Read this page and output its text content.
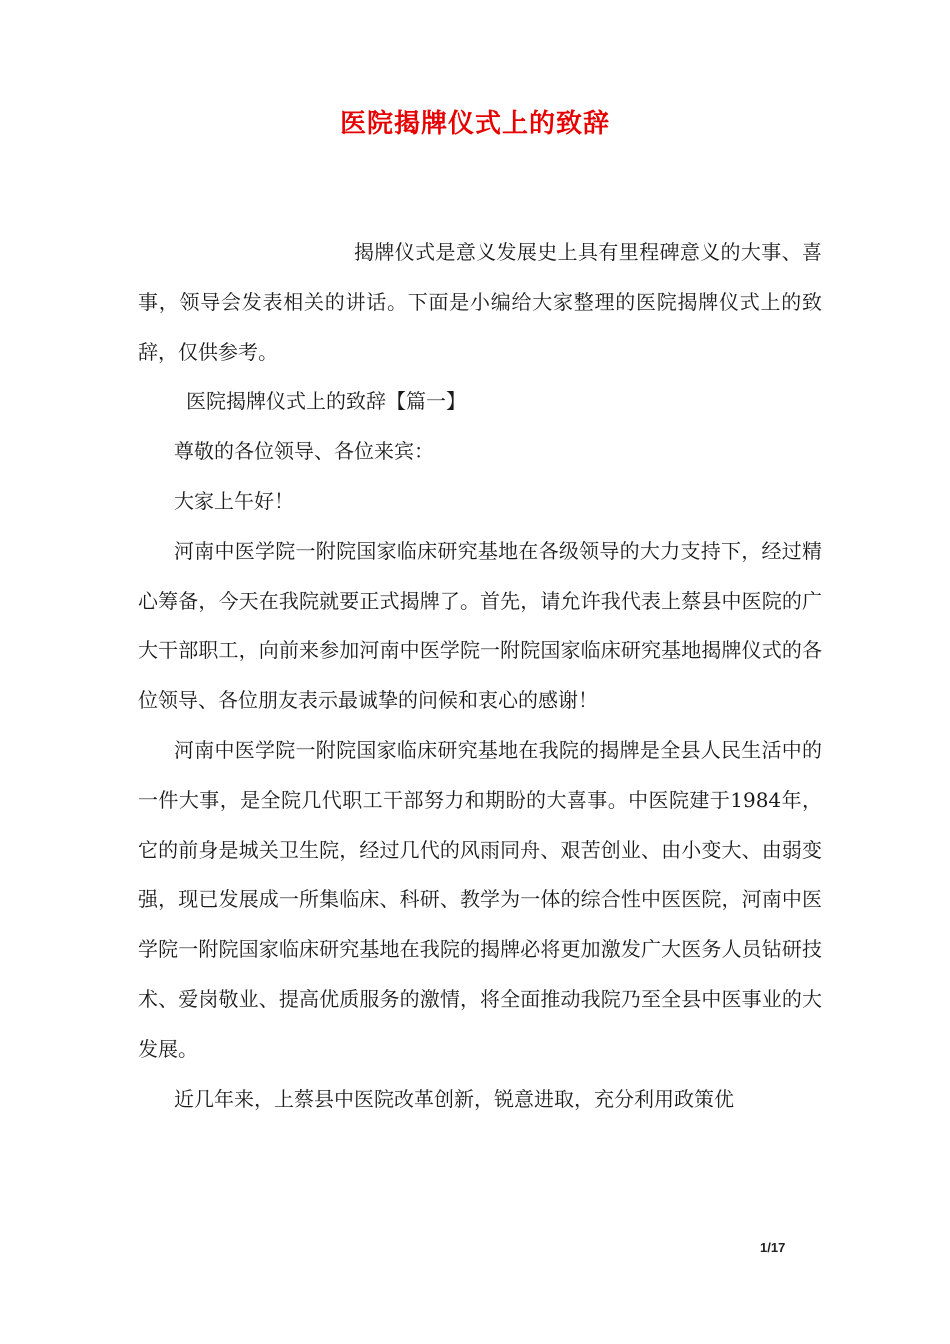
医院揭牌仪式上的致辞

揭牌仪式是意义发展史上具有里程碑意义的大事、喜事，领导会发表相关的讲话。下面是小编给大家整理的医院揭牌仪式上的致辞，仅供参考。

医院揭牌仪式上的致辞【篇一】

尊敬的各位领导、各位来宾：

大家上午好！

河南中医学院一附院国家临床研究基地在各级领导的大力支持下，经过精心筹备，今天在我院就要正式揭牌了。首先，请允许我代表上蔡县中医院的广大干部职工，向前来参加河南中医学院一附院国家临床研究基地揭牌仪式的各位领导、各位朋友表示最诚挚的问候和衷心的感谢！

河南中医学院一附院国家临床研究基地在我院的揭牌是全县人民生活中的一件大事，是全院几代职工干部努力和期盼的大喜事。中医院建于1984年，它的前身是城关卫生院，经过几代的风雨同舟、艰苦创业、由小变大、由弱变强，现已发展成一所集临床、科研、教学为一体的综合性中医医院，河南中医学院一附院国家临床研究基地在我院的揭牌必将更加激发广大医务人员钻研技术、爱岗敬业、提高优质服务的激情，将全面推动我院乃至全县中医事业的大发展。

近几年来，上蔡县中医院改革创新，锐意进取，充分利用政策优

1/17
